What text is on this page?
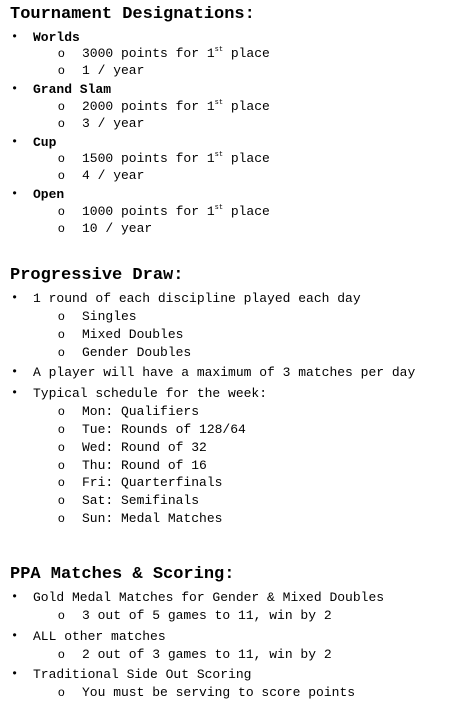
Tournament Designations:
• Worlds
o 3000 points for 1st place
o 1 / year
• Grand Slam
o 2000 points for 1st place
o 3 / year
• Cup
o 1500 points for 1st place
o 4 / year
• Open
o 1000 points for 1st place
o 10 / year
Progressive Draw:
• 1 round of each discipline played each day
o Singles
o Mixed Doubles
o Gender Doubles
• A player will have a maximum of 3 matches per day
• Typical schedule for the week:
o Mon: Qualifiers
o Tue: Rounds of 128/64
o Wed: Round of 32
o Thu: Round of 16
o Fri: Quarterfinals
o Sat: Semifinals
o Sun: Medal Matches
PPA Matches & Scoring:
• Gold Medal Matches for Gender & Mixed Doubles
o 3 out of 5 games to 11, win by 2
• ALL other matches
o 2 out of 3 games to 11, win by 2
• Traditional Side Out Scoring
o You must be serving to score points
